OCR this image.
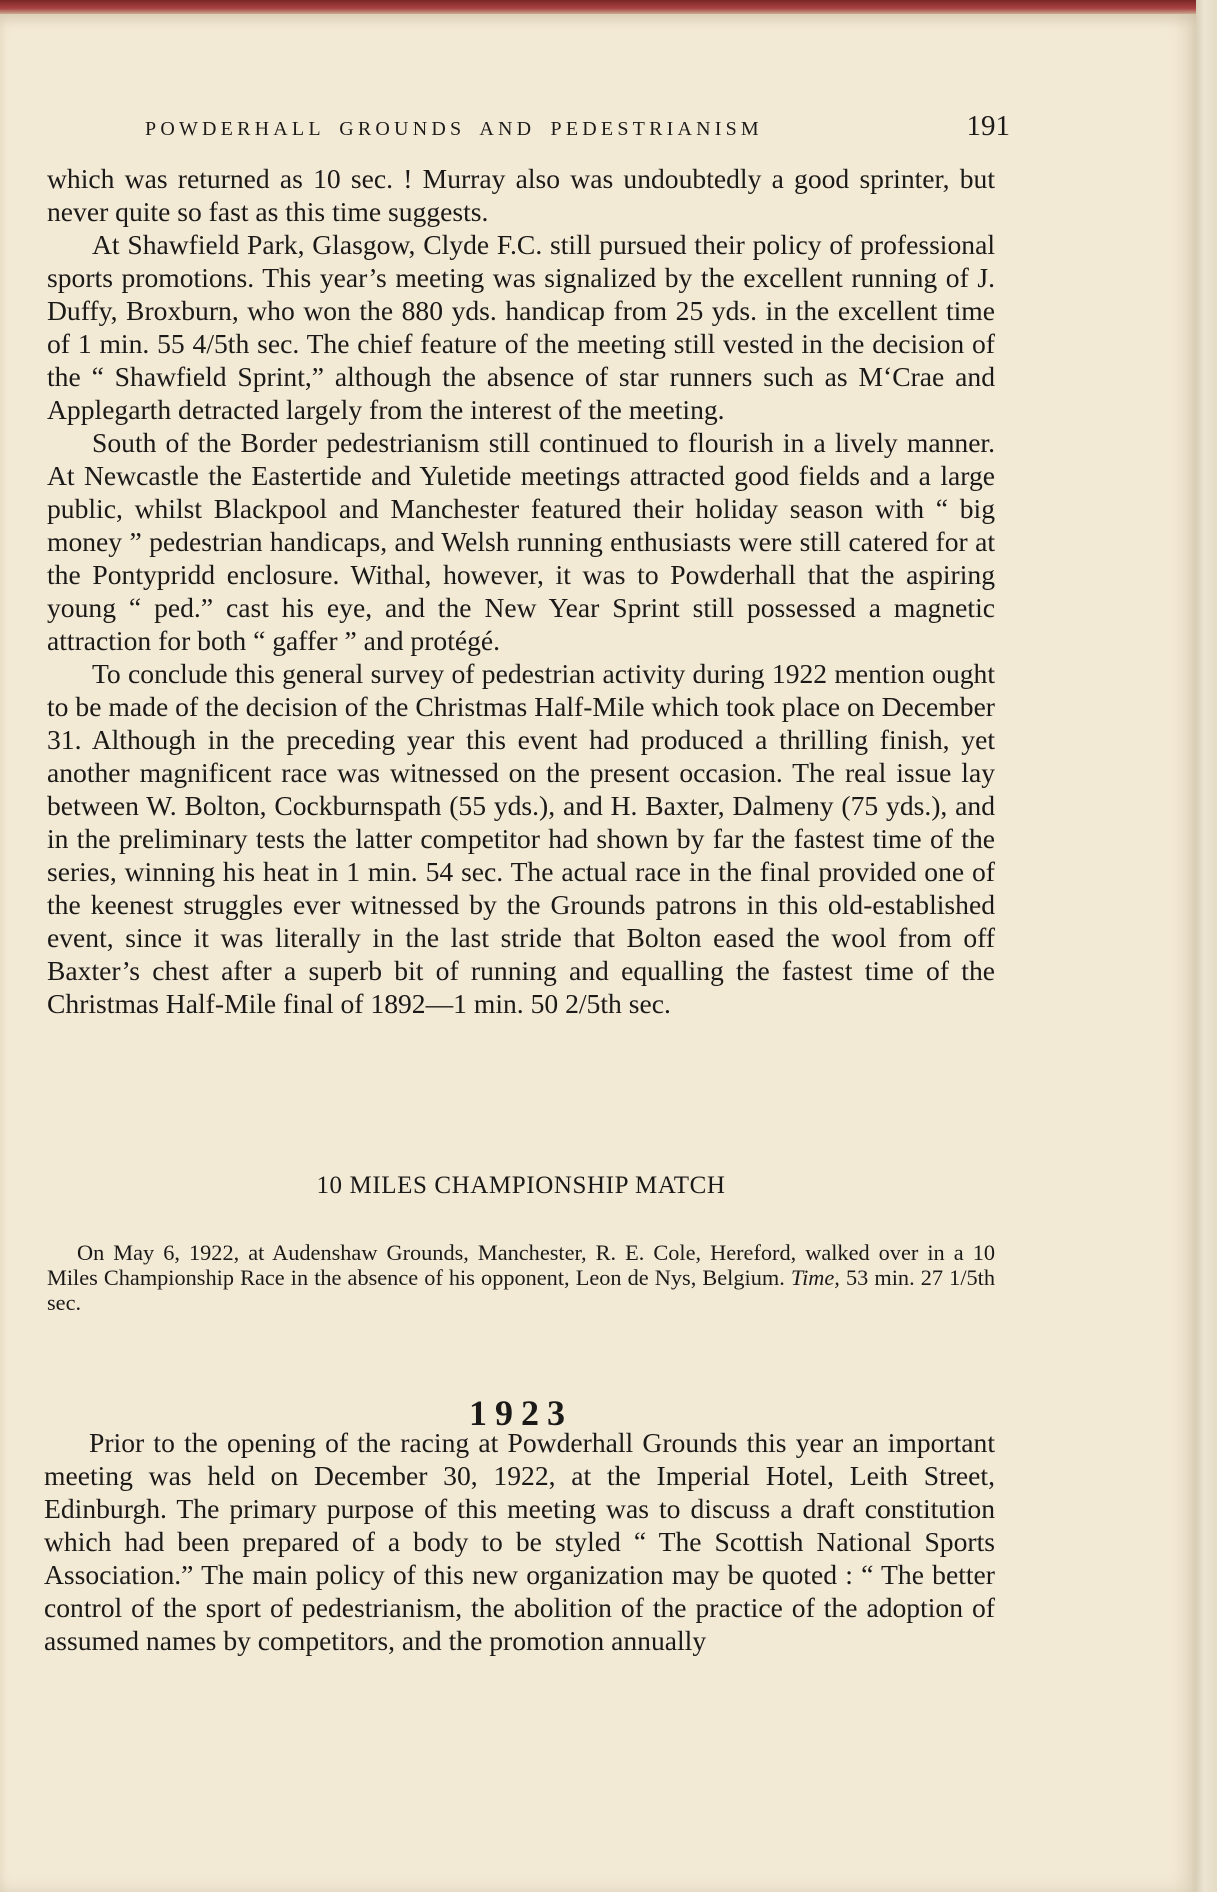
POWDERHALL GROUNDS AND PEDESTRIANISM	191

which was returned as 10 sec. ! Murray also was undoubtedly a good sprinter, but never quite so fast as this time suggests.

At Shawfield Park, Glasgow, Clyde F.C. still pursued their policy of professional sports promotions. This year’s meeting was signalized by the excellent running of J. Duffy, Broxburn, who won the 880 yds. handicap from 25 yds. in the excellent time of 1 min. 55 4/5th sec. The chief feature of the meeting still vested in the decision of the “ Shawfield Sprint,” although the absence of star runners such as M‘Crae and Applegarth detracted largely from the interest of the meeting.

South of the Border pedestrianism still continued to flourish in a lively manner. At Newcastle the Eastertide and Yuletide meetings attracted good fields and a large public, whilst Blackpool and Manchester featured their holiday season with “ big money ” pedestrian handicaps, and Welsh running enthusiasts were still catered for at the Pontypridd enclosure. Withal, however, it was to Powderhall that the aspiring young “ ped.” cast his eye, and the New Year Sprint still possessed a magnetic attraction for both “ gaffer ” and protégé.

To conclude this general survey of pedestrian activity during 1922 mention ought to be made of the decision of the Christmas Half-Mile which took place on December 31. Although in the preceding year this event had produced a thrilling finish, yet another magnificent race was witnessed on the present occasion. The real issue lay between W. Bolton, Cockburnspath (55 yds.), and H. Baxter, Dalmeny (75 yds.), and in the preliminary tests the latter competitor had shown by far the fastest time of the series, winning his heat in 1 min. 54 sec. The actual race in the final provided one of the keenest struggles ever witnessed by the Grounds patrons in this old-established event, since it was literally in the last stride that Bolton eased the wool from off Baxter’s chest after a superb bit of running and equalling the fastest time of the Christmas Half-Mile final of 1892—1 min. 50 2/5th sec.

10 MILES CHAMPIONSHIP MATCH

On May 6, 1922, at Audenshaw Grounds, Manchester, R. E. Cole, Hereford, walked over in a 10 Miles Championship Race in the absence of his opponent, Leon de Nys, Belgium. Time, 53 min. 27 1/5th sec.

1923

Prior to the opening of the racing at Powderhall Grounds this year an important meeting was held on December 30, 1922, at the Imperial Hotel, Leith Street, Edinburgh. The primary purpose of this meeting was to discuss a draft constitution which had been prepared of a body to be styled “ The Scottish National Sports Association.” The main policy of this new organization may be quoted : “ The better control of the sport of pedestrianism, the abolition of the practice of the adoption of assumed names by competitors, and the promotion annually
